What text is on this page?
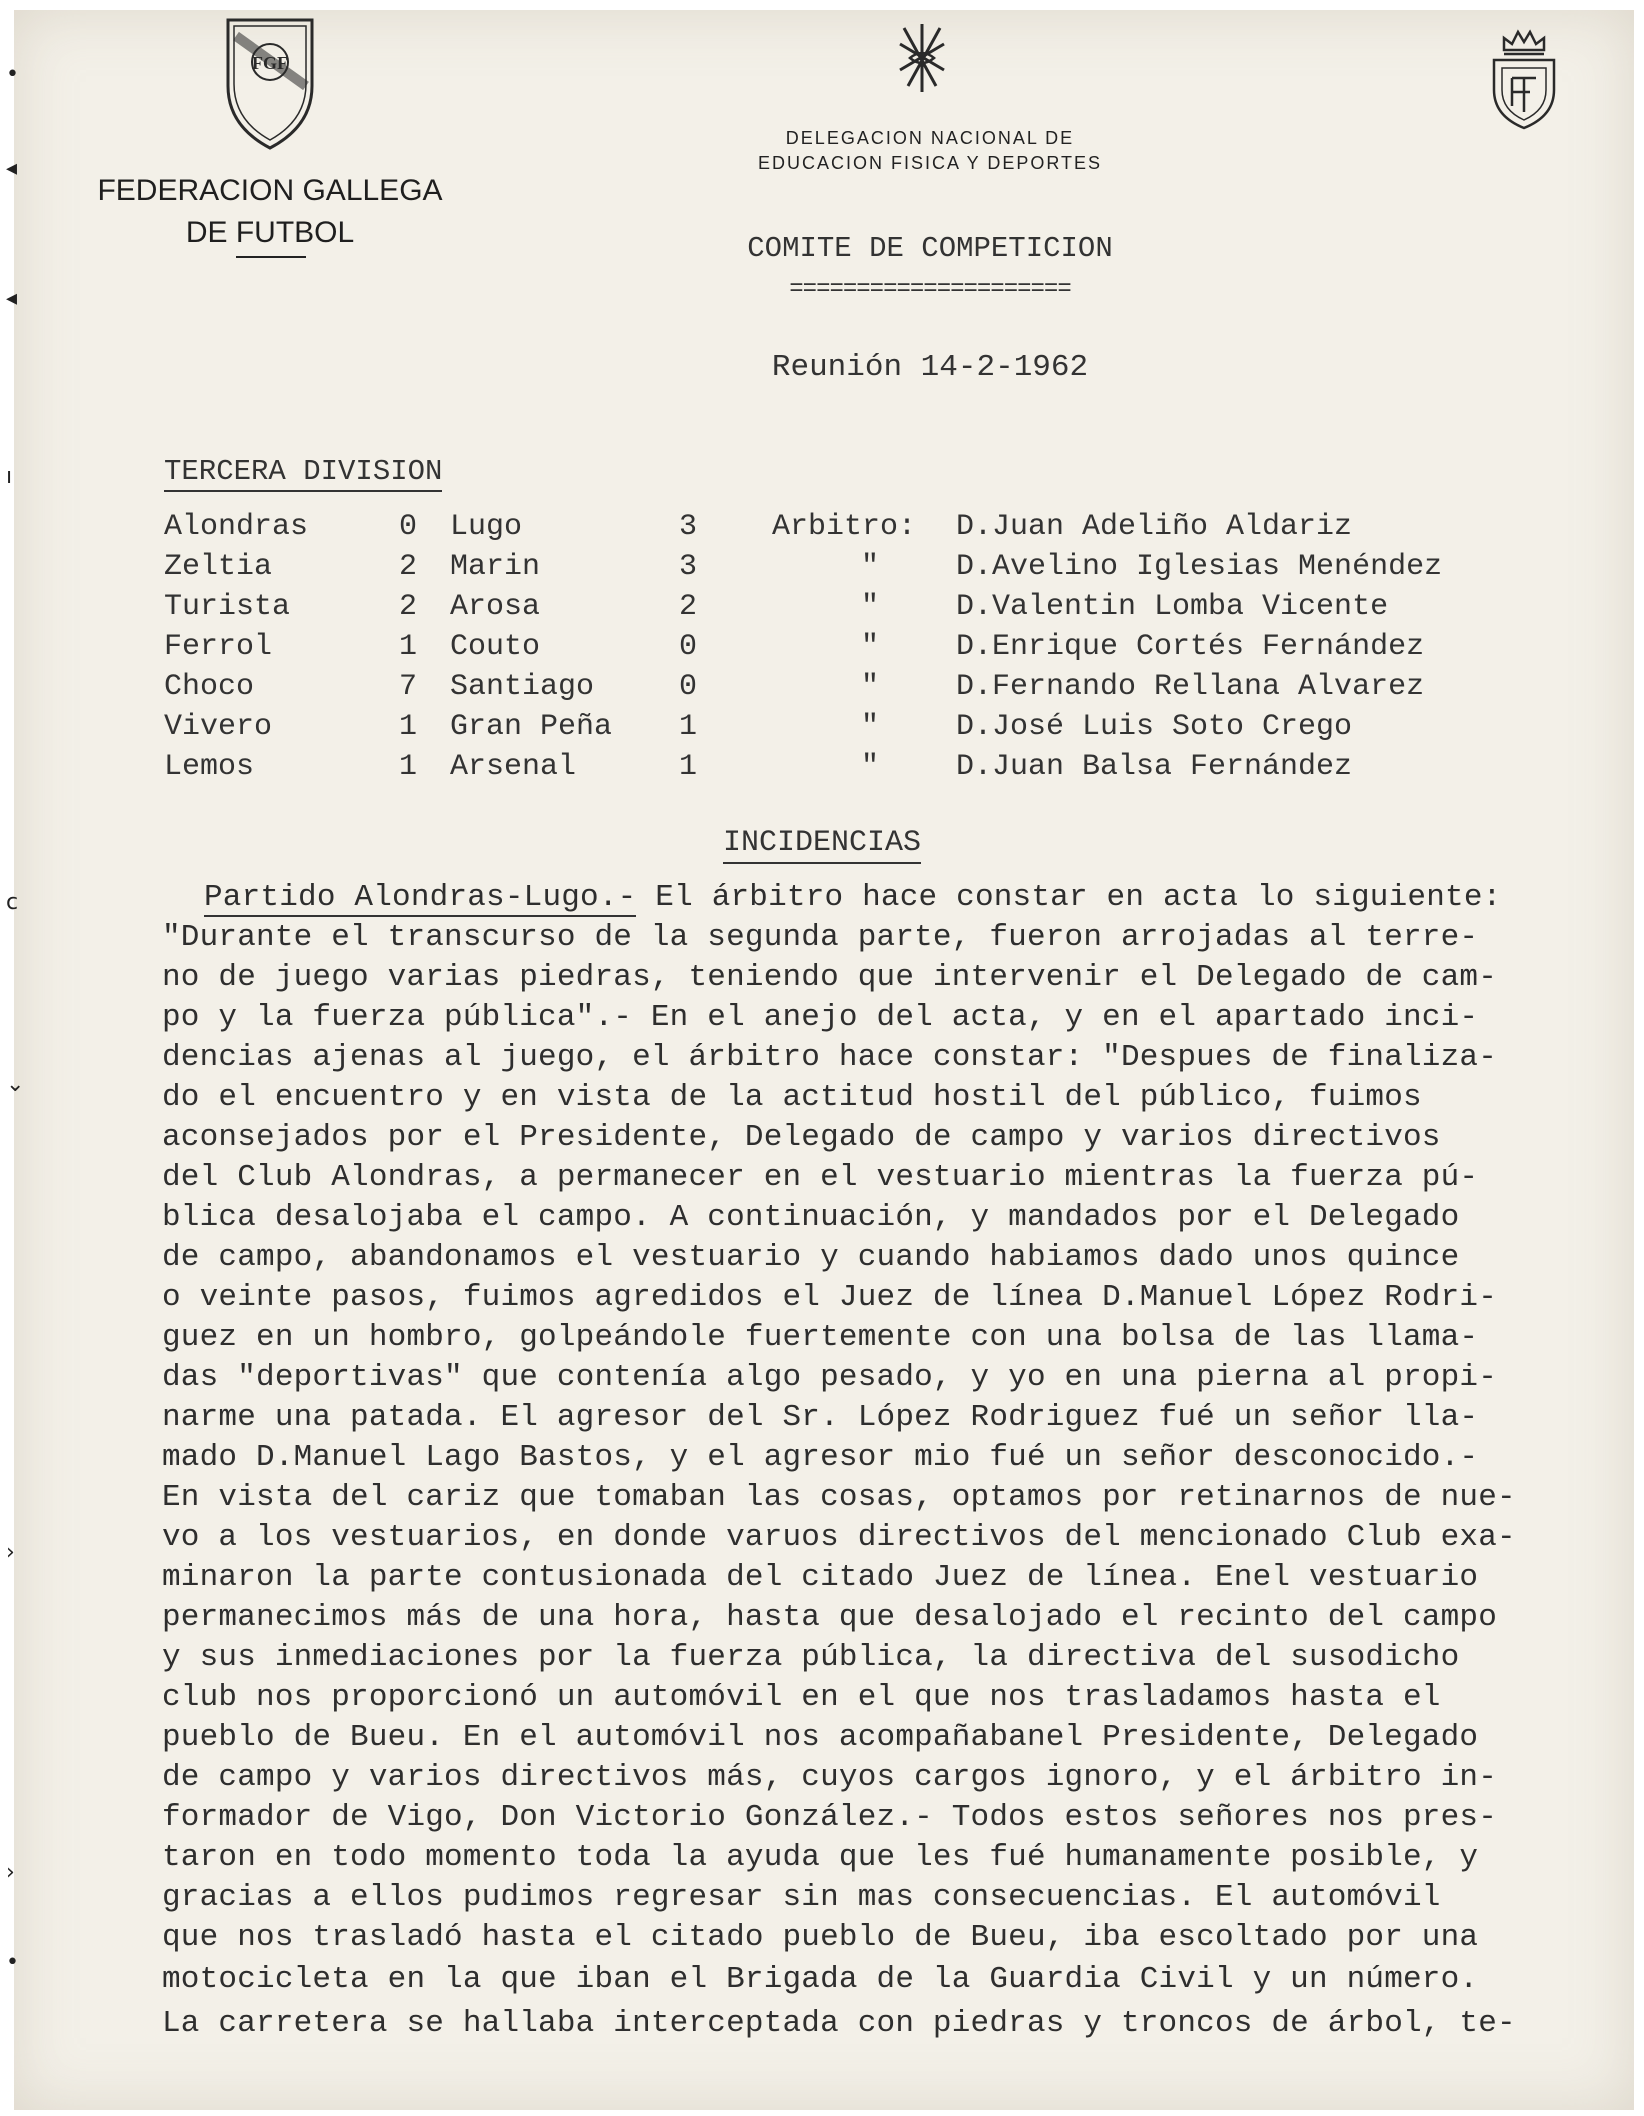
•
◂
◂
ı
c
⌄
›
›
•
FGF
FEDERACION GALLEGA
DE FUTBOL
DELEGACION NACIONAL DE
EDUCACION FISICA Y DEPORTES
COMITE DE COMPETICION
=====================
Reunión 14-2-1962
TERCERA DIVISION
Alondras	0	Lugo	3	Arbitro: D.Juan Adeliño Aldariz
Zeltia	2	Marin	3	"	D.Avelino Iglesias Menéndez
Turista	2	Arosa	2	"	D.Valentin Lomba Vicente
Ferrol	1	Couto	0	"	D.Enrique Cortés Fernández
Choco	7	Santiago	0	"	D.Fernando Rellana Alvarez
Vivero	1	Gran Peña	1	"	D.José Luis Soto Crego
Lemos	1	Arsenal	1	"	D.Juan Balsa Fernández
INCIDENCIAS
Partido Alondras-Lugo.- El árbitro hace constar en acta lo siguiente:
"Durante el transcurso de la segunda parte, fueron arrojadas al terre-
no de juego varias piedras, teniendo que intervenir el Delegado de cam-
po y la fuerza pública".- En el anejo del acta, y en el apartado inci-
dencias ajenas al juego, el árbitro hace constar: "Despues de finaliza-
do el encuentro y en vista de la actitud hostil del público, fuimos
aconsejados por el Presidente, Delegado de campo y varios directivos
del Club Alondras, a permanecer en el vestuario mientras la fuerza pú-
blica desalojaba el campo. A continuación, y mandados por el Delegado
de campo, abandonamos el vestuario y cuando habiamos dado unos quince
o veinte pasos, fuimos agredidos el Juez de línea D.Manuel López Rodri-
guez en un hombro, golpeándole fuertemente con una bolsa de las llama-
das "deportivas" que contenía algo pesado, y yo en una pierna al propi-
narme una patada. El agresor del Sr. López Rodriguez fué un señor lla-
mado D.Manuel Lago Bastos, y el agresor mio fué un señor desconocido.-
En vista del cariz que tomaban las cosas, optamos por retinarnos de nue-
vo a los vestuarios, en donde varuos directivos del mencionado Club exa-
minaron la parte contusionada del citado Juez de línea. Enel vestuario
permanecimos más de una hora, hasta que desalojado el recinto del campo
y sus inmediaciones por la fuerza pública, la directiva del susodicho
club nos proporcionó un automóvil en el que nos trasladamos hasta el
pueblo de Bueu. En el automóvil nos acompañabanel Presidente, Delegado
de campo y varios directivos más, cuyos cargos ignoro, y el árbitro in-
formador de Vigo, Don Victorio González.- Todos estos señores nos pres-
taron en todo momento toda la ayuda que les fué humanamente posible, y
gracias a ellos pudimos regresar sin mas consecuencias. El automóvil
que nos trasladó hasta el citado pueblo de Bueu, iba escoltado por una
motocicleta en la que iban el Brigada de la Guardia Civil y un número.
La carretera se hallaba interceptada con piedras y troncos de árbol, te-
